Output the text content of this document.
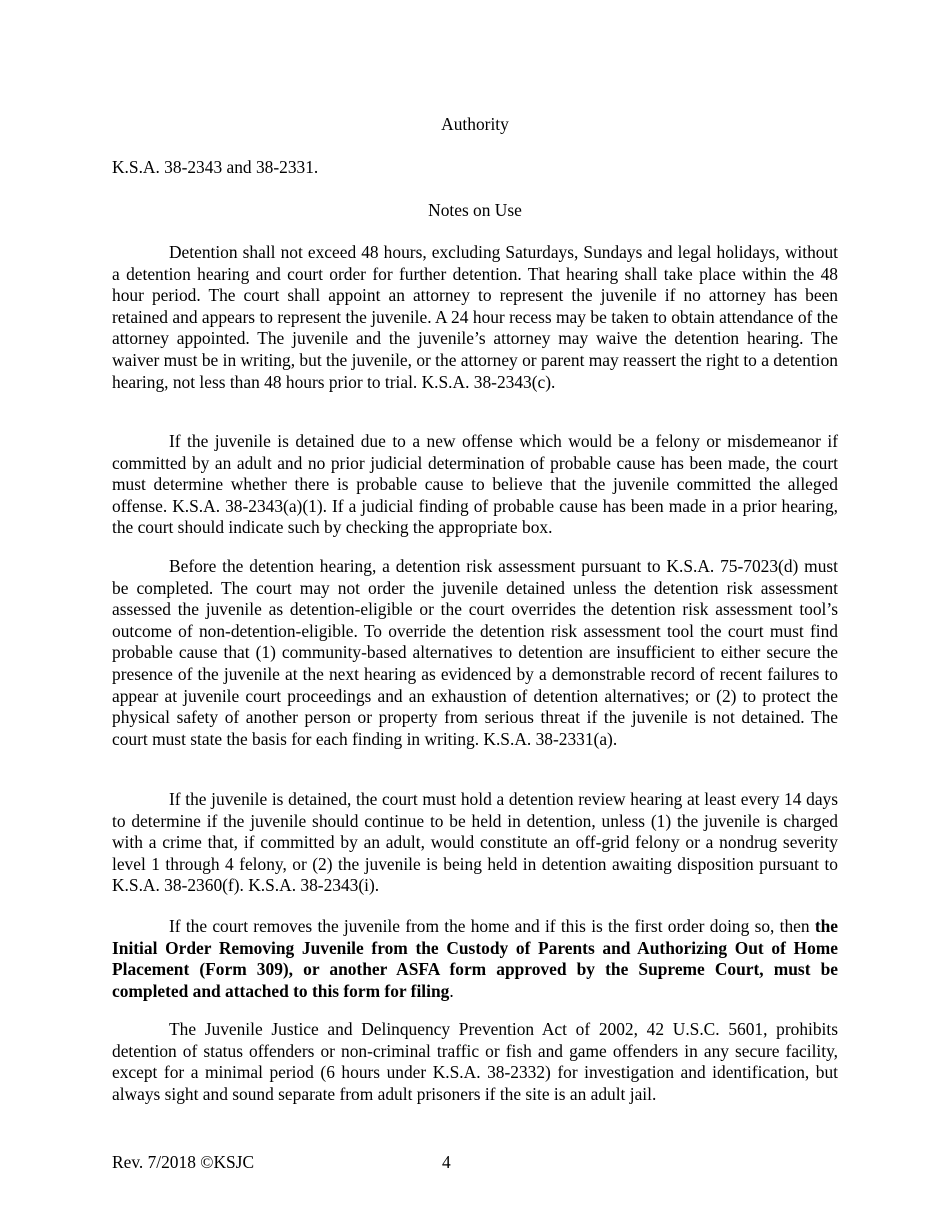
Authority
K.S.A. 38-2343 and 38-2331.
Notes on Use

Detention shall not exceed 48 hours, excluding Saturdays, Sundays and legal holidays, without a detention hearing and court order for further detention. That hearing shall take place within the 48 hour period. The court shall appoint an attorney to represent the juvenile if no attorney has been retained and appears to represent the juvenile. A 24 hour recess may be taken to obtain attendance of the attorney appointed. The juvenile and the juvenile’s attorney may waive the detention hearing. The waiver must be in writing, but the juvenile, or the attorney or parent may reassert the right to a detention hearing, not less than 48 hours prior to trial. K.S.A. 38-2343(c).

If the juvenile is detained due to a new offense which would be a felony or misdemeanor if committed by an adult and no prior judicial determination of probable cause has been made, the court must determine whether there is probable cause to believe that the juvenile committed the alleged offense. K.S.A. 38-2343(a)(1). If a judicial finding of probable cause has been made in a prior hearing, the court should indicate such by checking the appropriate box.

Before the detention hearing, a detention risk assessment pursuant to K.S.A. 75-7023(d) must be completed. The court may not order the juvenile detained unless the detention risk assessment assessed the juvenile as detention-eligible or the court overrides the detention risk assessment tool’s outcome of non-detention-eligible. To override the detention risk assessment tool the court must find probable cause that (1) community-based alternatives to detention are insufficient to either secure the presence of the juvenile at the next hearing as evidenced by a demonstrable record of recent failures to appear at juvenile court proceedings and an exhaustion of detention alternatives; or (2) to protect the physical safety of another person or property from serious threat if the juvenile is not detained. The court must state the basis for each finding in writing. K.S.A. 38-2331(a).

If the juvenile is detained, the court must hold a detention review hearing at least every 14 days to determine if the juvenile should continue to be held in detention, unless (1) the juvenile is charged with a crime that, if committed by an adult, would constitute an off-grid felony or a nondrug severity level 1 through 4 felony, or (2) the juvenile is being held in detention awaiting disposition pursuant to K.S.A. 38-2360(f). K.S.A. 38-2343(i).

If the court removes the juvenile from the home and if this is the first order doing so, then the Initial Order Removing Juvenile from the Custody of Parents and Authorizing Out of Home Placement (Form 309), or another ASFA form approved by the Supreme Court, must be completed and attached to this form for filing.

The Juvenile Justice and Delinquency Prevention Act of 2002, 42 U.S.C. 5601, prohibits detention of status offenders or non-criminal traffic or fish and game offenders in any secure facility, except for a minimal period (6 hours under K.S.A. 38-2332) for investigation and identification, but always sight and sound separate from adult prisoners if the site is an adult jail.

Rev. 7/2018 ©KSJC	4
